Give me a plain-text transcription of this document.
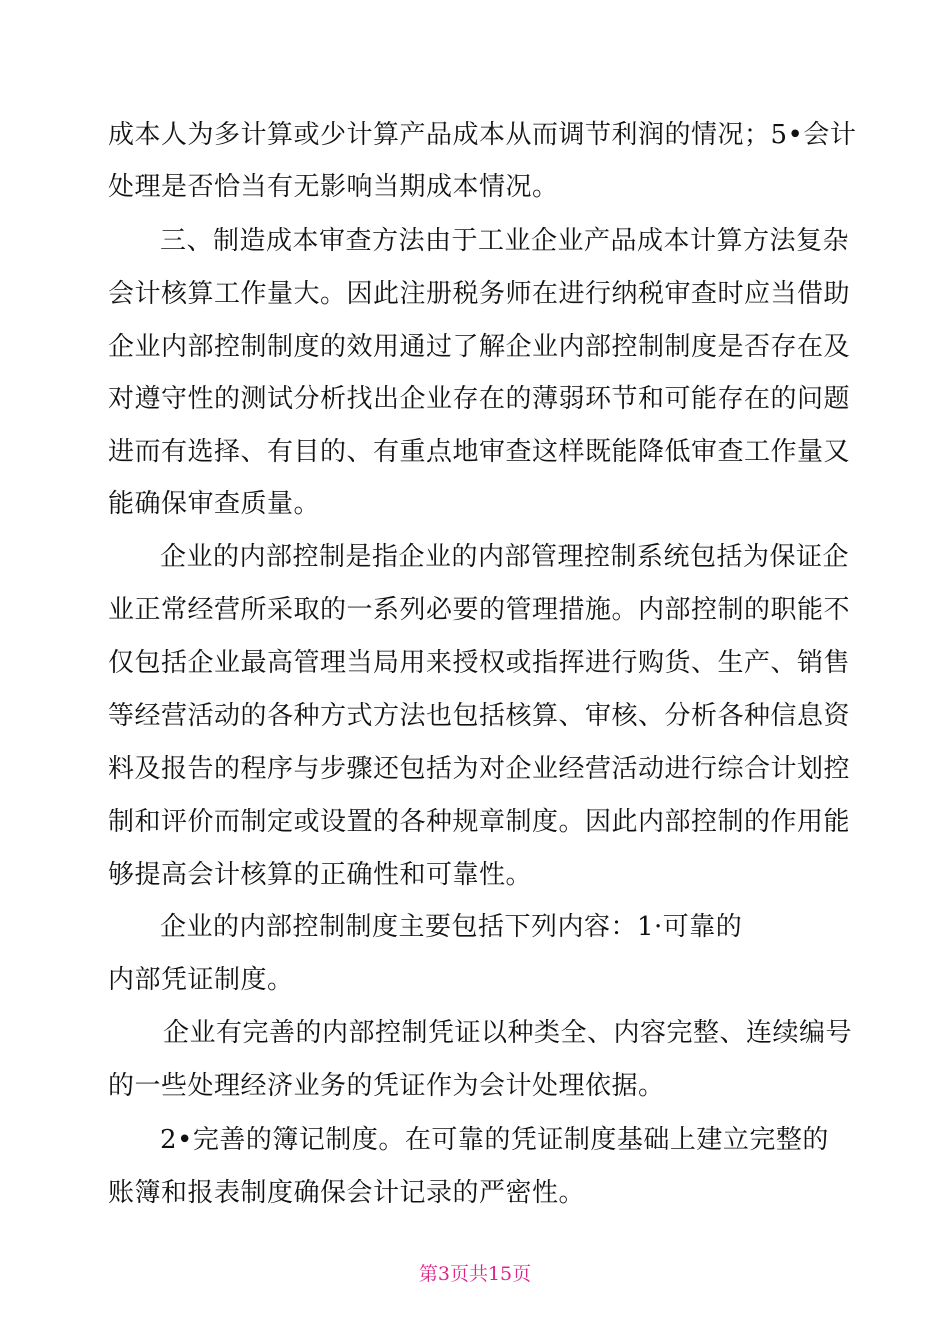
成本人为多计算或少计算产品成本从而调节利润的情况；5•会计
处理是否恰当有无影响当期成本情况。
三、制造成本审查方法由于工业企业产品成本计算方法复杂
会计核算工作量大。因此注册税务师在进行纳税审查时应当借助
企业内部控制制度的效用通过了解企业内部控制制度是否存在及
对遵守性的测试分析找出企业存在的薄弱环节和可能存在的问题
进而有选择、有目的、有重点地审查这样既能降低审查工作量又
能确保审查质量。
企业的内部控制是指企业的内部管理控制系统包括为保证企
业正常经营所采取的一系列必要的管理措施。内部控制的职能不
仅包括企业最高管理当局用来授权或指挥进行购货、生产、销售
等经营活动的各种方式方法也包括核算、审核、分析各种信息资
料及报告的程序与步骤还包括为对企业经营活动进行综合计划控
制和评价而制定或设置的各种规章制度。因此内部控制的作用能
够提高会计核算的正确性和可靠性。
企业的内部控制制度主要包括下列内容：1·可靠的
内部凭证制度。
企业有完善的内部控制凭证以种类全、内容完整、连续编号
的一些处理经济业务的凭证作为会计处理依据。
2•完善的簿记制度。在可靠的凭证制度基础上建立完整的
账簿和报表制度确保会计记录的严密性。
第3页共15页
